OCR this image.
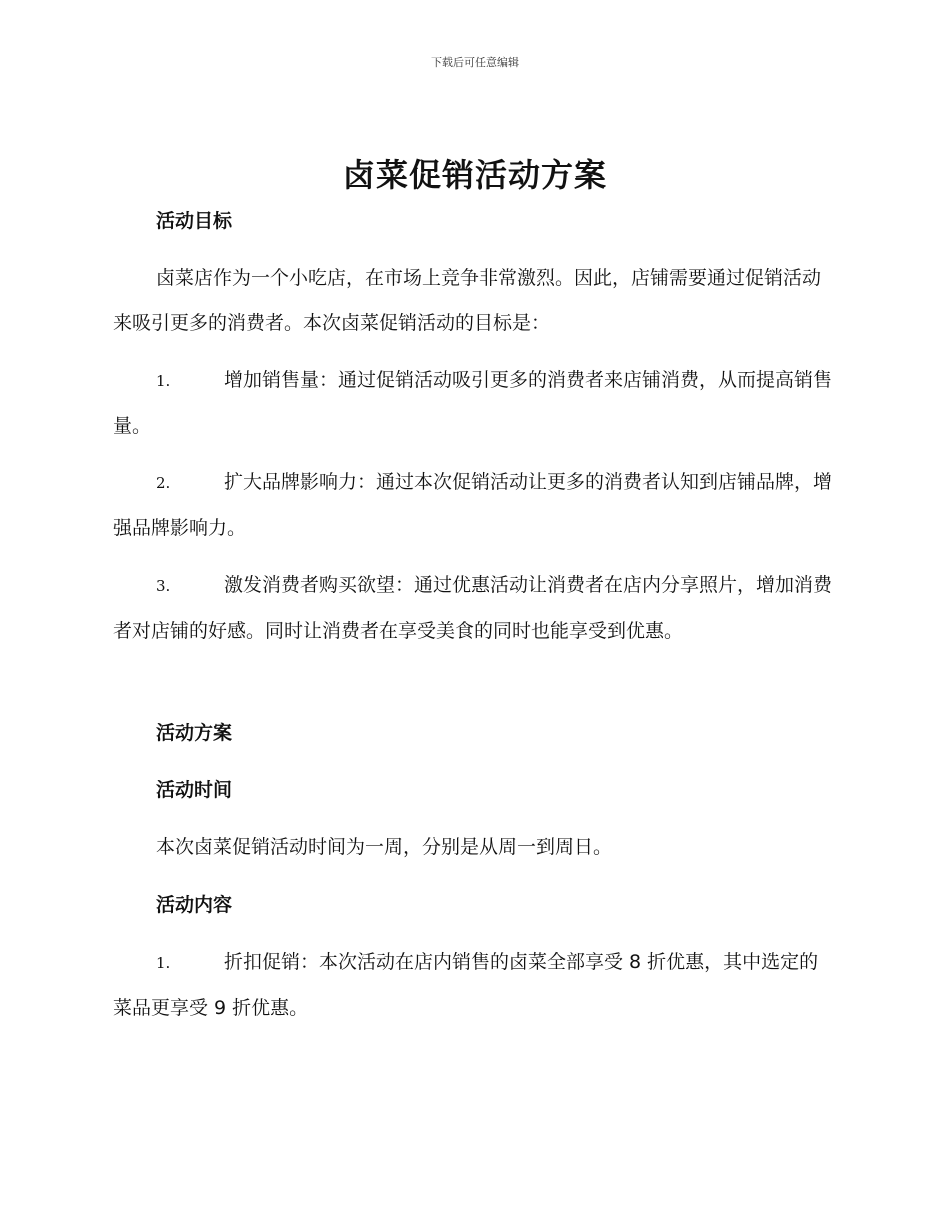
下载后可任意编辑
卤菜促销活动方案
活动目标

卤菜店作为一个小吃店，在市场上竞争非常激烈。因此，店铺需要通过促销活动来吸引更多的消费者。本次卤菜促销活动的目标是：

1.	增加销售量：通过促销活动吸引更多的消费者来店铺消费，从而提高销售量。

2.	扩大品牌影响力：通过本次促销活动让更多的消费者认知到店铺品牌，增强品牌影响力。

3.	激发消费者购买欲望：通过优惠活动让消费者在店内分享照片，增加消费者对店铺的好感。同时让消费者在享受美食的同时也能享受到优惠。

活动方案
活动时间

本次卤菜促销活动时间为一周，分别是从周一到周日。

活动内容

1.	折扣促销：本次活动在店内销售的卤菜全部享受 8 折优惠，其中选定的菜品更享受 9 折优惠。
